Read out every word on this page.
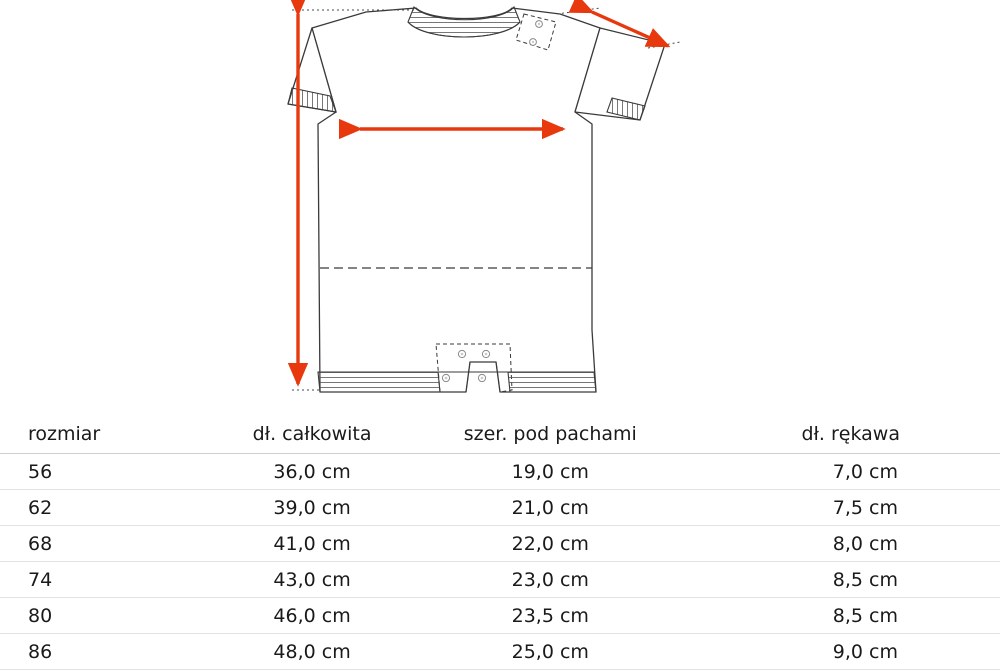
rozmiar	dł. całkowita	szer. pod pachami	dł. rękawa
56	36,0 cm	19,0 cm	7,0 cm
62	39,0 cm	21,0 cm	7,5 cm
68	41,0 cm	22,0 cm	8,0 cm
74	43,0 cm	23,0 cm	8,5 cm
80	46,0 cm	23,5 cm	8,5 cm
86	48,0 cm	25,0 cm	9,0 cm
